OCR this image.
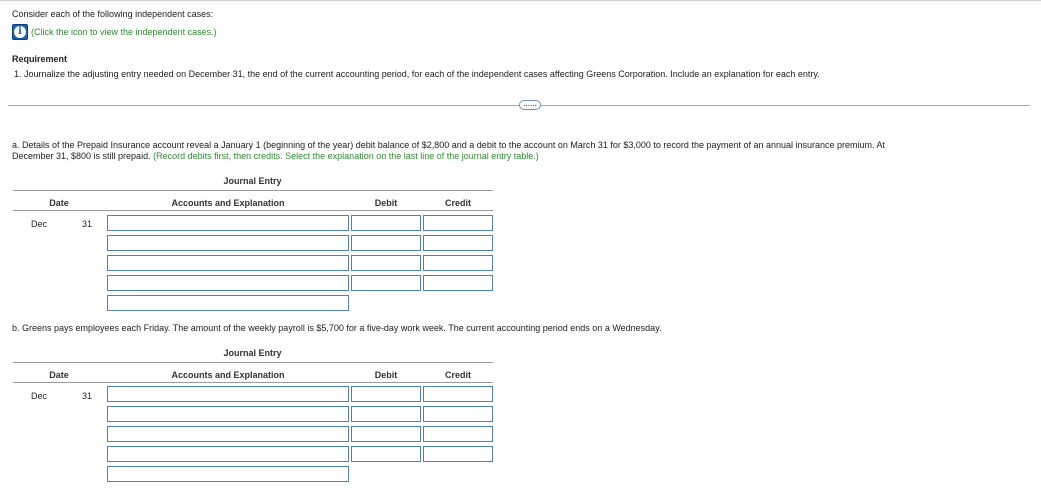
Consider each of the following independent cases:
i	(Click the icon to view the independent cases.)
Requirement
1. Journalize the adjusting entry needed on December 31, the end of the current accounting period, for each of the independent cases affecting Greens Corporation. Include an explanation for each entry.
……
a. Details of the Prepaid Insurance account reveal a January 1 (beginning of the year) debit balance of $2,800 and a debit to the account on March 31 for $3,000 to record the payment of an annual insurance premium. At
December 31, $800 is still prepaid. (Record debits first, then credits. Select the explanation on the last line of the journal entry table.)
Journal Entry
Date	Accounts and Explanation	Debit	Credit
Dec	31
b. Greens pays employees each Friday. The amount of the weekly payroll is $5,700 for a five-day work week. The current accounting period ends on a Wednesday.
Journal Entry
Date	Accounts and Explanation	Debit	Credit
Dec	31
